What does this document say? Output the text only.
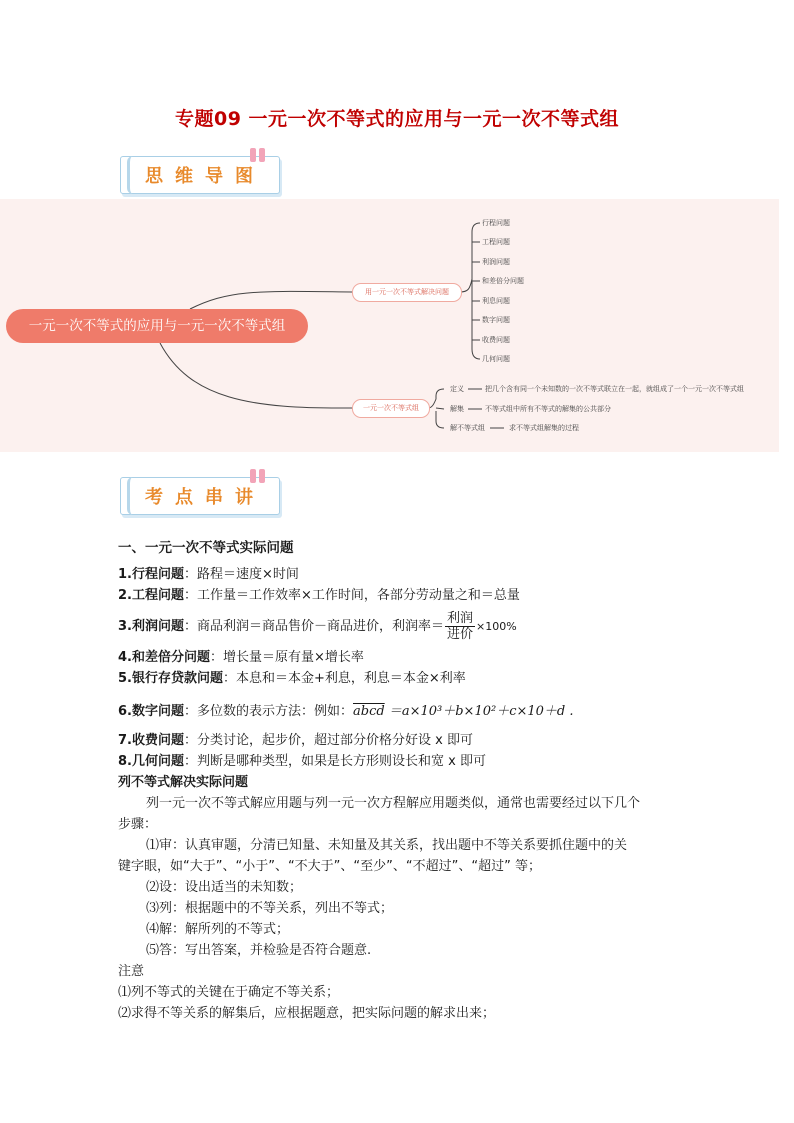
专题09 一元一次不等式的应用与一元一次不等式组
思维导图
一元一次不等式的应用与一元一次不等式组
用一元一次不等式解决问题
行程问题
工程问题
利润问题
和差倍分问题
利息问题
数字问题
收费问题
几何问题
一元一次不等式组
定义	把几个含有同一个未知数的一次不等式联立在一起，就组成了一个一元一次不等式组
解集	不等式组中所有不等式的解集的公共部分
解不等式组	求不等式组解集的过程
考点串讲
一、一元一次不等式实际问题
1.行程问题：路程＝速度×时间
2.工程问题：工作量＝工作效率×工作时间，各部分劳动量之和＝总量
3.利润问题：商品利润＝商品售价－商品进价，利润率＝ $\frac{\text{利润}}{\text{进价}} \times 100\%$
4.和差倍分问题：增长量＝原有量×增长率
5.银行存贷款问题：本息和＝本金+利息，利息＝本金×利率
6.数字问题：多位数的表示方法：例如：abcd ＝a×10³＋b×10²＋c×10＋d .
7.收费问题：分类讨论，起步价，超过部分价格分好设 x 即可
8.几何问题：判断是哪种类型，如果是长方形则设长和宽 x 即可
列不等式解决实际问题
列一元一次不等式解应用题与列一元一次方程解应用题类似，通常也需要经过以下几个
步骤：
⑴审：认真审题，分清已知量、未知量及其关系，找出题中不等关系要抓住题中的关
键字眼，如“大于”、“小于”、“不大于”、“至少”、“不超过”、“超过” 等；
⑵设：设出适当的未知数；
⑶列：根据题中的不等关系，列出不等式；
⑷解：解所列的不等式；
⑸答：写出答案，并检验是否符合题意.
注意
⑴列不等式的关键在于确定不等关系；
⑵求得不等关系的解集后，应根据题意，把实际问题的解求出来；
